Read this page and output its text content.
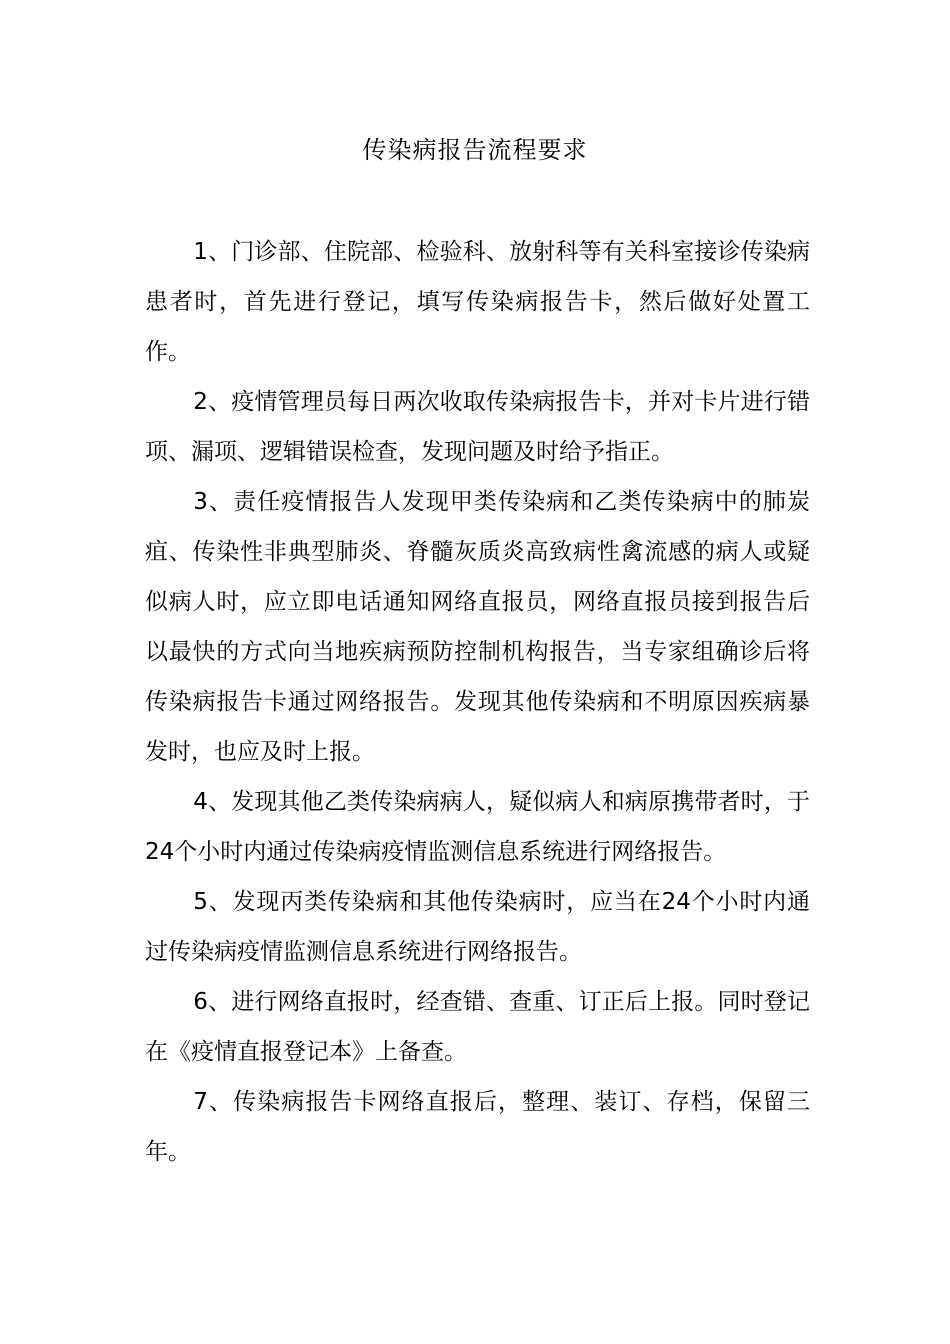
传染病报告流程要求

1、门诊部、住院部、检验科、放射科等有关科室接诊传染病患者时，首先进行登记，填写传染病报告卡，然后做好处置工作。

2、疫情管理员每日两次收取传染病报告卡，并对卡片进行错项、漏项、逻辑错误检查，发现问题及时给予指正。

3、责任疫情报告人发现甲类传染病和乙类传染病中的肺炭疽、传染性非典型肺炎、脊髓灰质炎高致病性禽流感的病人或疑似病人时，应立即电话通知网络直报员，网络直报员接到报告后以最快的方式向当地疾病预防控制机构报告，当专家组确诊后将传染病报告卡通过网络报告。发现其他传染病和不明原因疾病暴发时，也应及时上报。

4、发现其他乙类传染病病人，疑似病人和病原携带者时，于24个小时内通过传染病疫情监测信息系统进行网络报告。

5、发现丙类传染病和其他传染病时，应当在24个小时内通过传染病疫情监测信息系统进行网络报告。

6、进行网络直报时，经查错、查重、订正后上报。同时登记在《疫情直报登记本》上备查。

7、传染病报告卡网络直报后，整理、装订、存档，保留三年。
